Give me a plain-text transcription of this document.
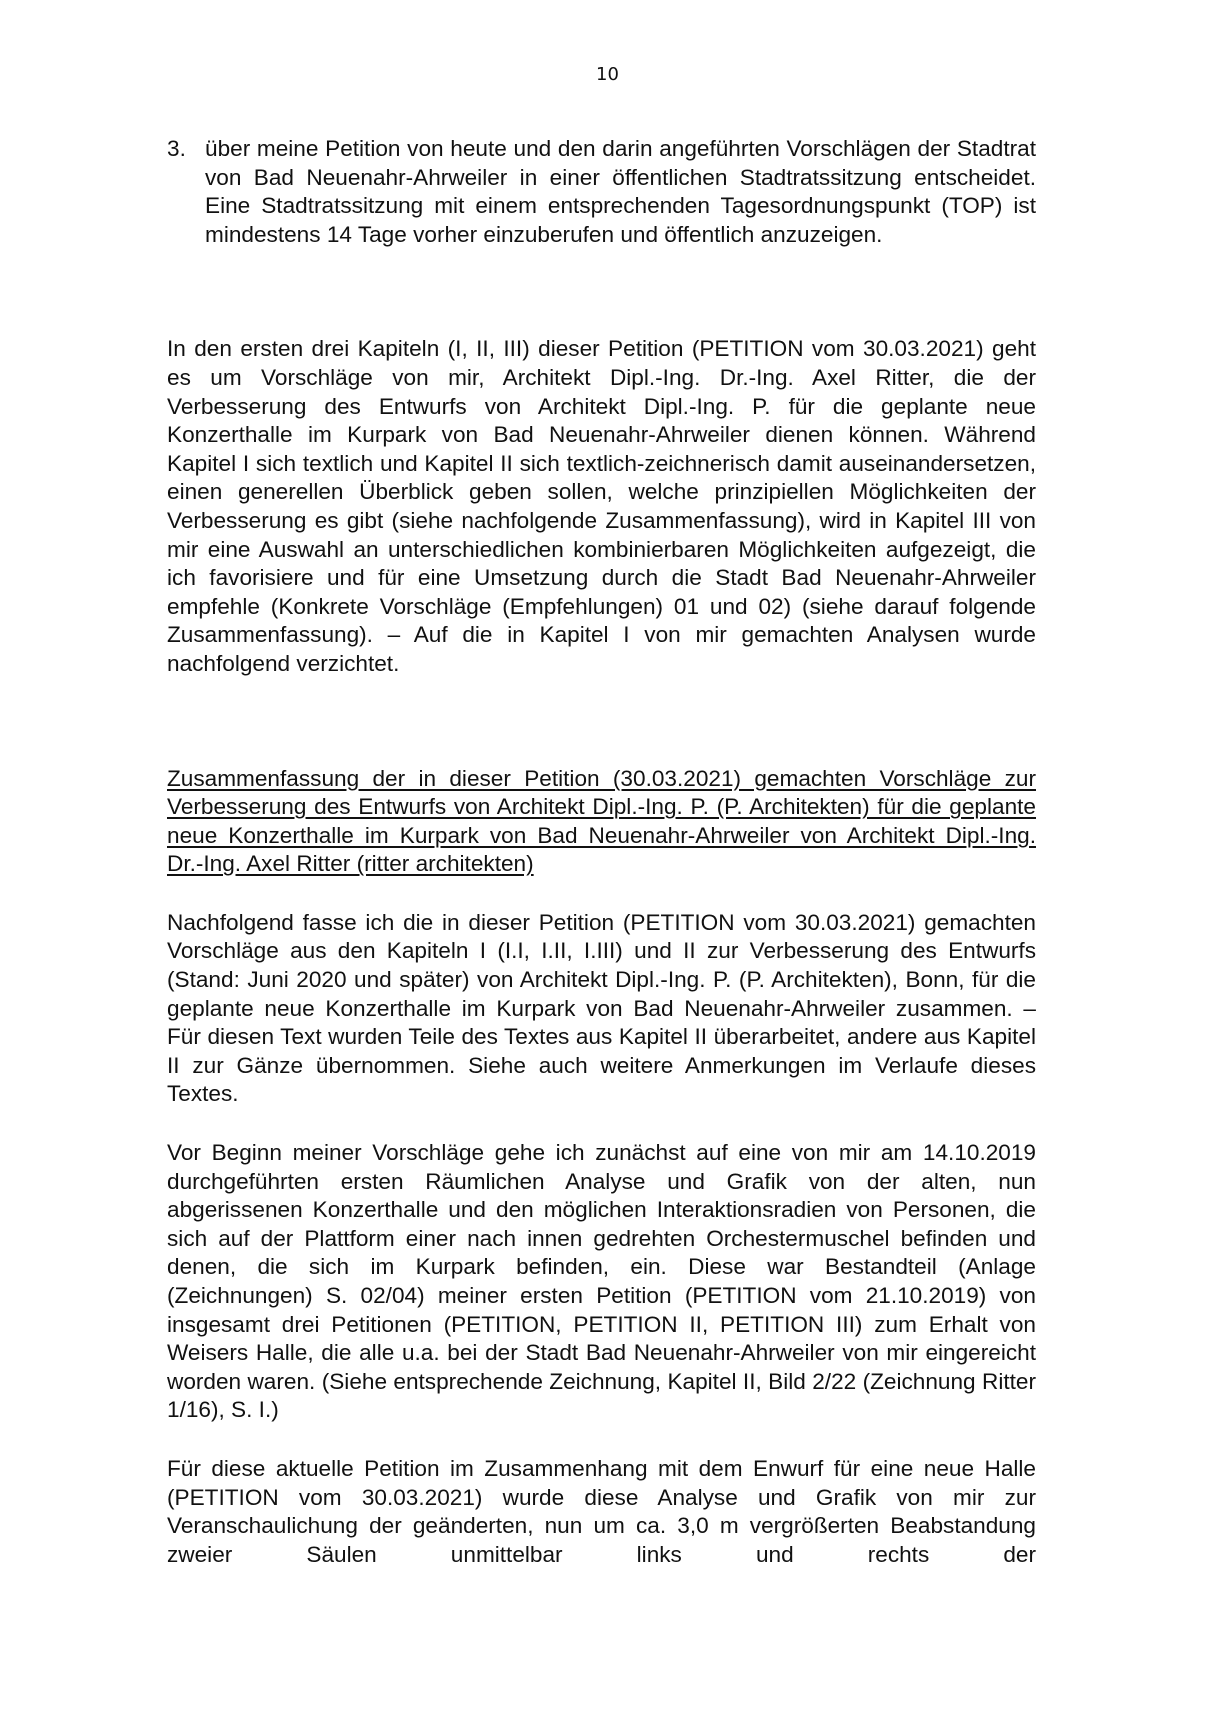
10
3. über meine Petition von heute und den darin angeführten Vorschlägen der Stadtrat von Bad Neuenahr-Ahrweiler in einer öffentlichen Stadtratssitzung entscheidet. Eine Stadtratssitzung mit einem entsprechenden Tagesordnungspunkt (TOP) ist mindestens 14 Tage vorher einzuberufen und öffentlich anzuzeigen.

In den ersten drei Kapiteln (I, II, III) dieser Petition (PETITION vom 30.03.2021) geht es um Vorschläge von mir, Architekt Dipl.-Ing. Dr.-Ing. Axel Ritter, die der Verbesserung des Entwurfs von Architekt Dipl.-Ing. P. für die geplante neue Konzerthalle im Kurpark von Bad Neuenahr-Ahrweiler dienen können. Während Kapitel I sich textlich und Kapitel II sich textlich-zeichnerisch damit auseinandersetzen, einen generellen Überblick geben sollen, welche prinzipiellen Möglichkeiten der Verbesserung es gibt (siehe nachfolgende Zusammenfassung), wird in Kapitel III von mir eine Auswahl an unterschiedlichen kombinierbaren Möglichkeiten aufgezeigt, die ich favorisiere und für eine Umsetzung durch die Stadt Bad Neuenahr-Ahrweiler empfehle (Konkrete Vorschläge (Empfehlungen) 01 und 02) (siehe darauf folgende Zusammenfassung). – Auf die in Kapitel I von mir gemachten Analysen wurde nachfolgend verzichtet.

Zusammenfassung der in dieser Petition (30.03.2021) gemachten Vorschläge zur Verbesserung des Entwurfs von Architekt Dipl.-Ing. P. (P. Architekten) für die geplante neue Konzerthalle im Kurpark von Bad Neuenahr-Ahrweiler von Architekt Dipl.-Ing. Dr.-Ing. Axel Ritter (ritter architekten)

Nachfolgend fasse ich die in dieser Petition (PETITION vom 30.03.2021) gemachten Vorschläge aus den Kapiteln I (I.I, I.II, I.III) und II zur Verbesserung des Entwurfs (Stand: Juni 2020 und später) von Architekt Dipl.-Ing. P. (P. Architekten), Bonn, für die geplante neue Konzerthalle im Kurpark von Bad Neuenahr-Ahrweiler zusammen. – Für diesen Text wurden Teile des Textes aus Kapitel II überarbeitet, andere aus Kapitel II zur Gänze übernommen. Siehe auch weitere Anmerkungen im Verlaufe dieses Textes.

Vor Beginn meiner Vorschläge gehe ich zunächst auf eine von mir am 14.10.2019 durchgeführten ersten Räumlichen Analyse und Grafik von der alten, nun abgerissenen Konzerthalle und den möglichen Interaktionsradien von Personen, die sich auf der Plattform einer nach innen gedrehten Orchestermuschel befinden und denen, die sich im Kurpark befinden, ein. Diese war Bestandteil (Anlage (Zeichnungen) S. 02/04) meiner ersten Petition (PETITION vom 21.10.2019) von insgesamt drei Petitionen (PETITION, PETITION II, PETITION III) zum Erhalt von Weisers Halle, die alle u.a. bei der Stadt Bad Neuenahr-Ahrweiler von mir eingereicht worden waren. (Siehe entsprechende Zeichnung, Kapitel II, Bild 2/22 (Zeichnung Ritter 1/16), S. I.)

Für diese aktuelle Petition im Zusammenhang mit dem Enwurf für eine neue Halle (PETITION vom 30.03.2021) wurde diese Analyse und Grafik von mir zur Veranschaulichung der geänderten, nun um ca. 3,0 m vergrößerten Beabstandung zweier Säulen unmittelbar links und rechts der
